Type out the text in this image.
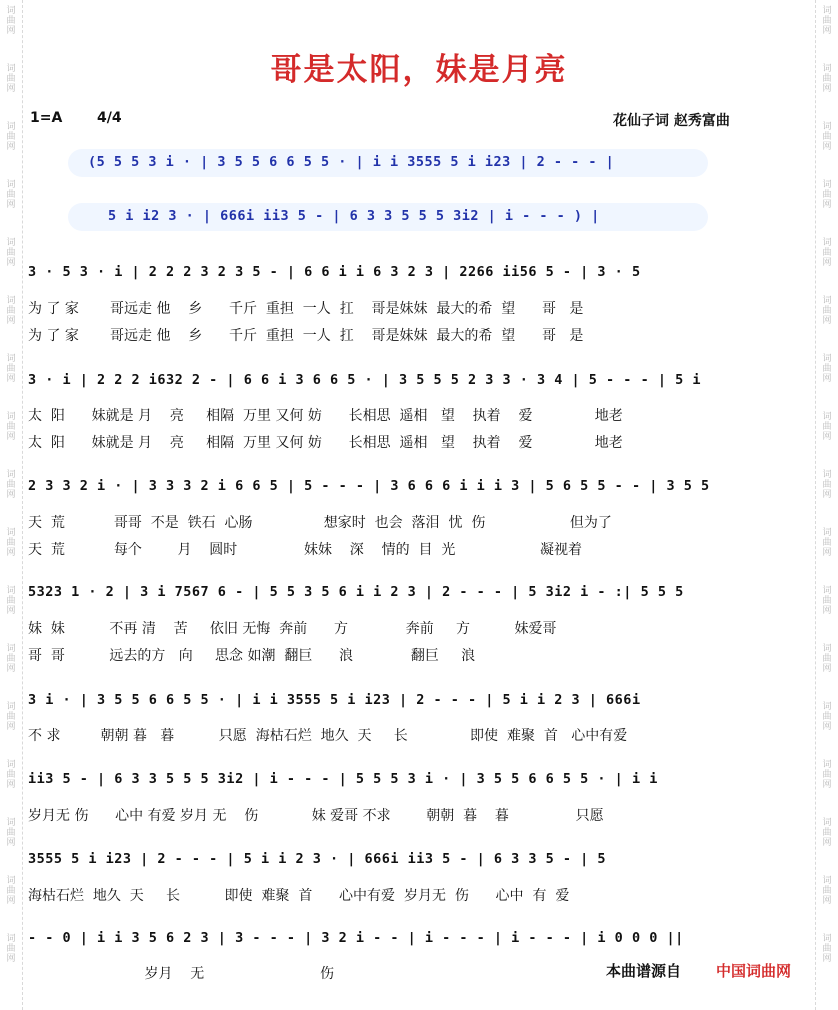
词
曲
网
词
曲
网
词
曲
网
词
曲
网
词
曲
网
词
曲
网
词
曲
网
词
曲
网
词
曲
网
词
曲
网
词
曲
网
词
曲
网
词
曲
网
词
曲
网
词
曲
网
词
曲
网
词
曲
网
词
曲
网
词
曲
网
词
曲
网
词
曲
网
词
曲
网
词
曲
网
词
曲
网
词
曲
网
词
曲
网
词
曲
网
词
曲
网
词
曲
网
词
曲
网
词
曲
网
词
曲
网
词
曲
网
词
曲
网
哥是太阳，妹是月亮
1=A 4/4	花仙子词 赵秀富曲
(5 5 5 3 i · | 3 5 5 6 6 5 5 · | i i 3555 5 i i23 | 2 - - - |
5 i i2 3 · | 666i ii3 5 - | 6 3 3 5 5 5 3i2 | i - - - ) |
3 · 5 3 · i | 2 2 2 3 2 3 5 - | 6 6 i i 6 3 2 3 | 2266 ii56 5 - | 3 · 5
为 了 家       哥远走 他    乡      千斤  重担  一人  扛    哥是妹妹  最大的希  望      哥   是
为 了 家       哥远走 他    乡      千斤  重担  一人  扛    哥是妹妹  最大的希  望      哥   是
3 · i | 2 2 2 i632 2 - | 6 6 i 3 6 6 5 · | 3 5 5 5 2 3 3 · 3 4 | 5 - - - | 5 i
太  阳      妹就是 月    亮     相隔  万里 又何 妨      长相思  遥相   望    执着    爱              地老
太  阳      妹就是 月    亮     相隔  万里 又何 妨      长相思  遥相   望    执着    爱              地老
2 3 3 2 i · | 3 3 3 2 i 6 6 5 | 5 - - - | 3 6 6 6 i i i 3 | 5 6 5 5 - - | 3 5 5
天  荒           哥哥  不是  铁石  心肠                想家时  也会  落泪  忧  伤                   但为了
天  荒           每个        月    圆时               妹妹    深    情的  目  光                   凝视着
5323 1 · 2 | 3 i 7567 6 - | 5 5 3 5 6 i i 2 3 | 2 - - - | 5 3i2 i - :| 5 5 5
妹  妹          不再 清    苦     依旧 无悔  奔前      方             奔前     方          妹爱哥
哥  哥          远去的方   向     思念 如潮  翻巨      浪             翻巨     浪
3 i · | 3 5 5 6 6 5 5 · | i i 3555 5 i i23 | 2 - - - | 5 i i 2 3 | 666i
不 求         朝朝 暮   暮          只愿  海枯石烂  地久  天     长              即使  难聚  首   心中有爱
ii3 5 - | 6 3 3 5 5 5 3i2 | i - - - | 5 5 5 3 i · | 3 5 5 6 6 5 5 · | i i
岁月无 伤      心中 有爱 岁月 无    伤            妹 爱哥 不求        朝朝  暮    暮               只愿
3555 5 i i23 | 2 - - - | 5 i i 2 3 · | 666i ii3 5 - | 6 3 3 5 - | 5
海枯石烂  地久  天     长          即使  难聚  首      心中有爱  岁月无  伤      心中  有  爱
- - 0 | i i 3 5 6 2 3 | 3 - - - | 3 2 i - - | i - - - | i - - - | i 0 0 0 ||
岁月    无                          伤	本曲谱源自 中国词曲网
